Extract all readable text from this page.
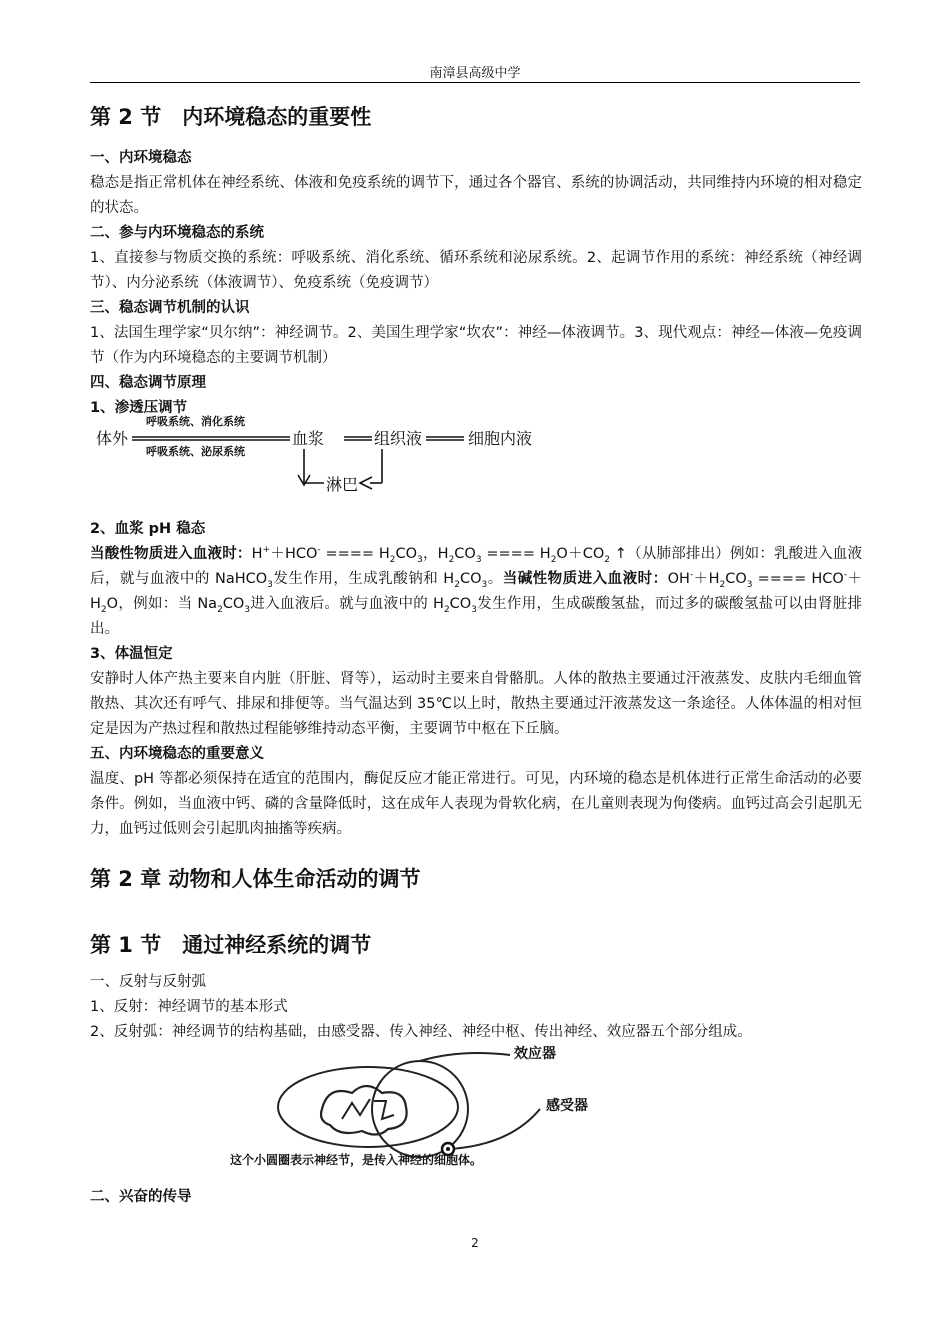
南漳县高级中学
第 2 节　内环境稳态的重要性
一、内环境稳态
稳态是指正常机体在神经系统、体液和免疫系统的调节下，通过各个器官、系统的协调活动，共同维持内环境的相对稳定的状态。
二、参与内环境稳态的系统
1、直接参与物质交换的系统：呼吸系统、消化系统、循环系统和泌尿系统。2、起调节作用的系统：神经系统（神经调节）、内分泌系统（体液调节）、免疫系统（免疫调节）
三、稳态调节机制的认识
1、法国生理学家“贝尔纳”：神经调节。2、美国生理学家“坎农”：神经—体液调节。3、现代观点：神经—体液—免疫调节（作为内环境稳态的主要调节机制）
四、稳态调节原理
1、渗透压调节
体外
呼吸系统、消化系统
呼吸系统、泌尿系统
血浆	组织液	细胞内液
淋巴
2、血浆 pH 稳态
当酸性物质进入血液时：H+＋HCO- ==== $H_2CO_3$，$H_2CO_3$ ==== $H_2O+CO_2$ ↑（从肺部排出）例如：乳酸进入血液后，就与血液中的 NaHCO$_3$发生作用，生成乳酸钠和 $H_2CO_3$。当碱性物质进入血液时：$OH^-+H_2CO_3$ ==== $HCO^-+H_2O$，例如：当 $Na_2CO_3$进入血液后。就与血液中的 $H_2CO_3$发生作用，生成碳酸氢盐，而过多的碳酸氢盐可以由肾脏排出。
3、体温恒定
安静时人体产热主要来自内脏（肝脏、肾等），运动时主要来自骨骼肌。人体的散热主要通过汗液蒸发、皮肤内毛细血管散热、其次还有呼气、排尿和排便等。当气温达到 35℃以上时，散热主要通过汗液蒸发这一条途径。人体体温的相对恒定是因为产热过程和散热过程能够维持动态平衡，主要调节中枢在下丘脑。
五、内环境稳态的重要意义
温度、pH 等都必须保持在适宜的范围内，酶促反应才能正常进行。可见，内环境的稳态是机体进行正常生命活动的必要条件。例如，当血液中钙、磷的含量降低时，这在成年人表现为骨软化病，在儿童则表现为佝偻病。血钙过高会引起肌无力，血钙过低则会引起肌肉抽搐等疾病。
第 2 章 动物和人体生命活动的调节
第 1 节　通过神经系统的调节
一、反射与反射弧
1、反射：神经调节的基本形式
2、反射弧：神经调节的结构基础，由感受器、传入神经、神经中枢、传出神经、效应器五个部分组成。
效应器
感受器
这个小圆圈表示神经节，是传入神经的细胞体。
二、兴奋的传导
2
